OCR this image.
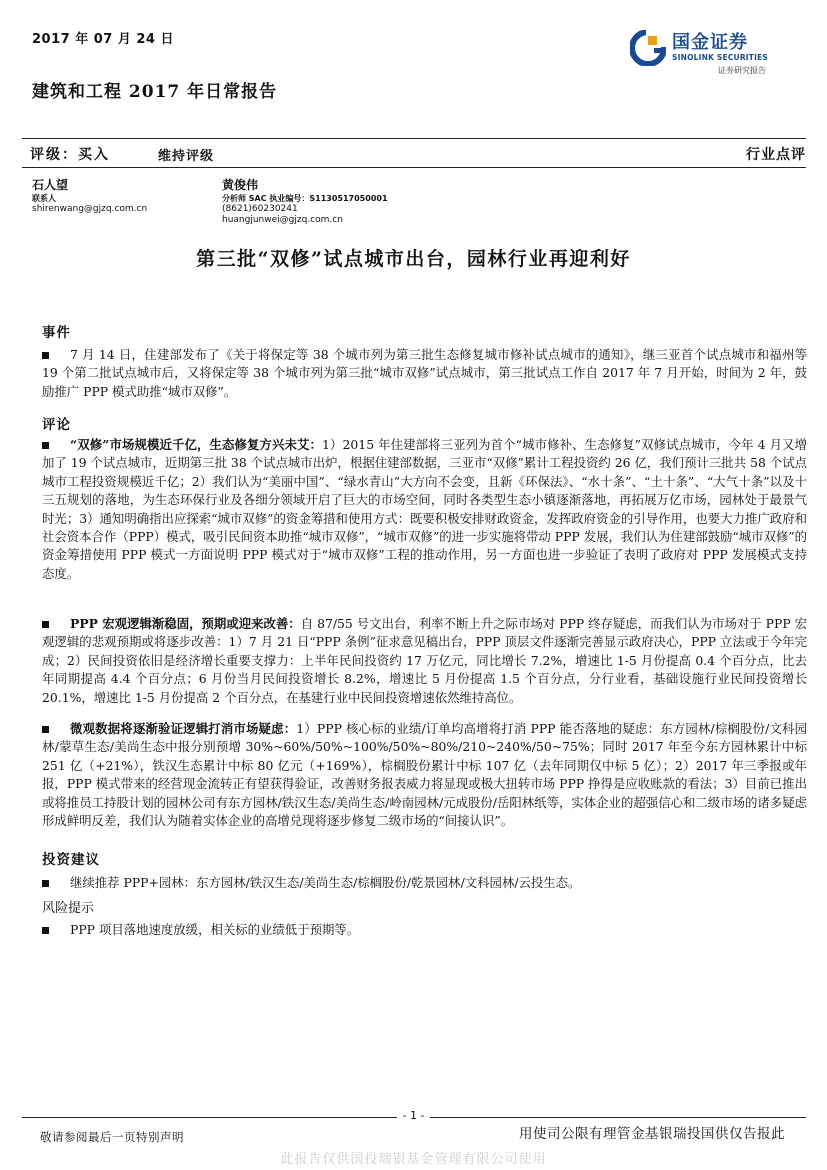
2017 年 07 月 24 日
建筑和工程 2017 年日常报告
国金证券
SINOLINK SECURITIES
证券研究报告
评级：买入	维持评级	行业点评
石人望
联系人
shirenwang@gjzq.com.cn
黄俊伟
分析师 SAC 执业编号：S1130517050001
(8621)60230241
huangjunwei@gjzq.com.cn
第三批“双修”试点城市出台，园林行业再迎利好
事件
7 月 14 日，住建部发布了《关于将保定等 38 个城市列为第三批生态修复城市修补试点城市的通知》，继三亚首个试点城市和福州等 19 个第二批试点城市后，又将保定等 38 个城市列为第三批“城市双修”试点城市，第三批试点工作自 2017 年 7 月开始，时间为 2 年，鼓励推广 PPP 模式助推“城市双修”。
评论
“双修”市场规模近千亿，生态修复方兴未艾：1）2015 年住建部将三亚列为首个“城市修补、生态修复”双修试点城市，今年 4 月又增加了 19 个试点城市，近期第三批 38 个试点城市出炉，根据住建部数据，三亚市“双修”累计工程投资约 26 亿，我们预计三批共 58 个试点城市工程投资规模近千亿；2）我们认为“美丽中国”、“绿水青山”大方向不会变，且新《环保法》、“水十条”、“土十条”、“大气十条”以及十三五规划的落地，为生态环保行业及各细分领域开启了巨大的市场空间，同时各类型生态小镇逐渐落地，再拓展万亿市场，园林处于最景气时光；3）通知明确指出应探索“城市双修”的资金筹措和使用方式：既要积极安排财政资金，发挥政府资金的引导作用，也要大力推广政府和社会资本合作（PPP）模式，吸引民间资本助推“城市双修”，“城市双修”的进一步实施将带动 PPP 发展，我们认为住建部鼓励“城市双修”的资金筹措使用 PPP 模式一方面说明 PPP 模式对于“城市双修”工程的推动作用，另一方面也进一步验证了表明了政府对 PPP 发展模式支持态度。
PPP 宏观逻辑渐稳固，预期或迎来改善：自 87/55 号文出台，利率不断上升之际市场对 PPP 终存疑虑，而我们认为市场对于 PPP 宏观逻辑的悲观预期或将逐步改善：1）7 月 21 日“PPP 条例”征求意见稿出台，PPP 顶层文件逐渐完善显示政府决心，PPP 立法或于今年完成；2）民间投资依旧是经济增长重要支撑力：上半年民间投资约 17 万亿元，同比增长 7.2%，增速比 1-5 月份提高 0.4 个百分点，比去年同期提高 4.4 个百分点；6 月份当月民间投资增长 8.2%，增速比 5 月份提高 1.5 个百分点，分行业看，基础设施行业民间投资增长 20.1%，增速比 1-5 月份提高 2 个百分点，在基建行业中民间投资增速依然维持高位。
微观数据将逐渐验证逻辑打消市场疑虑：1）PPP 核心标的业绩/订单均高增将打消 PPP 能否落地的疑虑：东方园林/棕榈股份/文科园林/蒙草生态/美尚生态中报分别预增 30%~60%/50%~100%/50%~80%/210~240%/50~75%；同时 2017 年至今东方园林累计中标 251 亿（+21%），铁汉生态累计中标 80 亿元（+169%），棕榈股份累计中标 107 亿（去年同期仅中标 5 亿）；2）2017 年三季报或年报，PPP 模式带来的经营现金流转正有望获得验证，改善财务报表威力将显现或极大扭转市场 PPP 挣得是应收账款的看法；3）目前已推出或将推员工持股计划的园林公司有东方园林/铁汉生态/美尚生态/岭南园林/元成股份/岳阳林纸等，实体企业的超强信心和二级市场的诸多疑虑形成鲜明反差，我们认为随着实体企业的高增兑现将逐步修复二级市场的“间接认识”。
投资建议
继续推荐 PPP+园林：东方园林/铁汉生态/美尚生态/棕榈股份/乾景园林/文科园林/云投生态。
风险提示
PPP 项目落地速度放缓，相关标的业绩低于预期等。
- 1 -
敬请参阅最后一页特别声明	用使司公限有理管金基银瑞投国供仅告报此
此报告仅供国投瑞银基金管理有限公司使用
